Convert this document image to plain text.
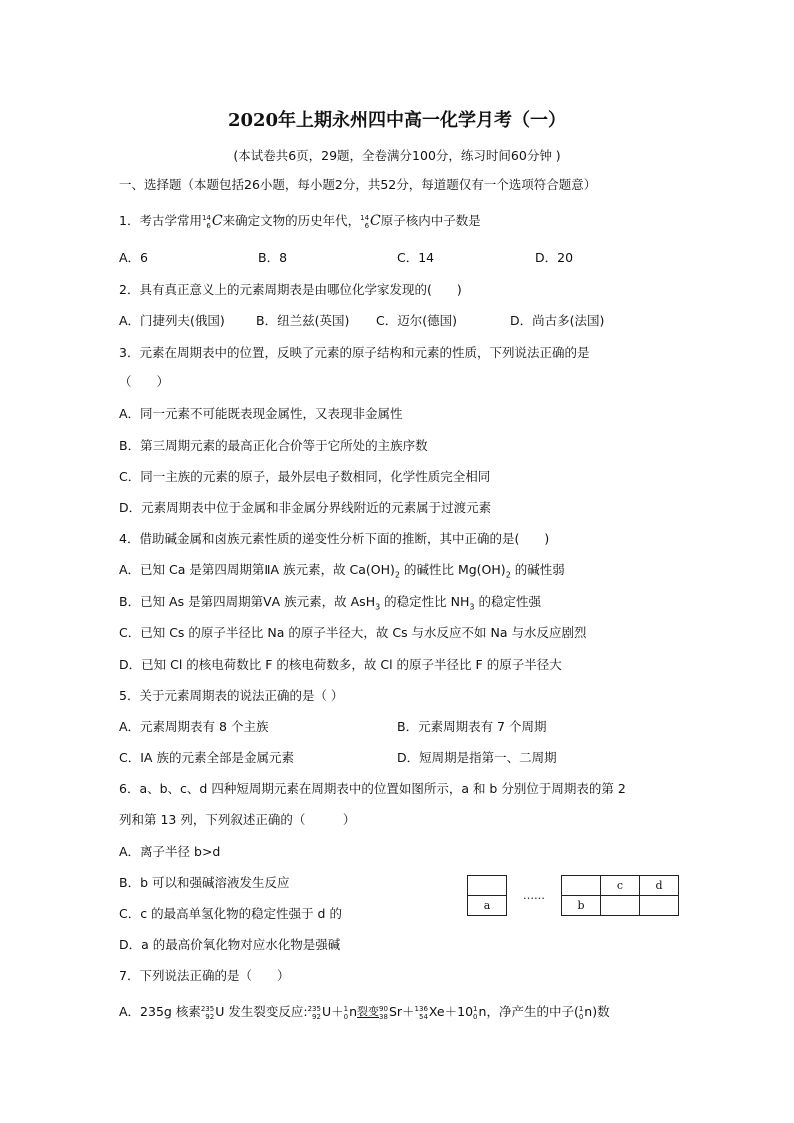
2020年上期永州四中高一化学月考（一）
(本试卷共6页，29题，全卷满分100分，练习时间60分钟 )
一、选择题（本题包括26小题，每小题2分，共52分，每道题仅有一个选项符合题意）
1．考古学常用 14
6 C来确定文物的历史年代， 14
6 C原子核内中子数是
A．6	B．8	C．14	D．20
2．具有真正意义上的元素周期表是由哪位化学家发现的(　　)
A．门捷列夫(俄国) B．纽兰兹(英国) C．迈尔(德国)	D．尚古多(法国)
3．元素在周期表中的位置，反映了元素的原子结构和元素的性质，下列说法正确的是
（　　）
A．同一元素不可能既表现金属性，又表现非金属性
B．第三周期元素的最高正化合价等于它所处的主族序数
C．同一主族的元素的原子，最外层电子数相同，化学性质完全相同
D．元素周期表中位于金属和非金属分界线附近的元素属于过渡元素
4．借助碱金属和卤族元素性质的递变性分析下面的推断，其中正确的是(　　)
A．已知 Ca 是第四周期第ⅡA 族元素，故 $Ca(OH)_2$ 的碱性比 $Mg(OH)_2$ 的碱性弱
B．已知 As 是第四周期第ⅤA 族元素，故 AsH$_3$ 的稳定性比 $NH_3$ 的稳定性强
C．已知 Cs 的原子半径比 Na 的原子半径大，故 Cs 与水反应不如 Na 与水反应剧烈
D．已知 Cl 的核电荷数比 F 的核电荷数多，故 Cl 的原子半径比 F 的原子半径大
5．关于元素周期表的说法正确的是（ ）
A．元素周期表有 8 个主族	B．元素周期表有 7 个周期
C．ⅠA 族的元素全部是金属元素	D．短周期是指第一、二周期
6．a、b、c、d 四种短周期元素在周期表中的位置如图所示，a 和 b 分别位于周期表的第 2
列和第 13 列，下列叙述正确的（　　　）
A．离子半径 b>d
B．b 可以和强碱溶液发生反应
C．c 的最高单氢化物的稳定性强于 d 的
D．a 的最高价氧化物对应水化物是强碱
	……		c	d
a		b		
7．下列说法正确的是（　　）
A．235g 核素 235
92 U 发生裂变反应: 235
92 U＋ 1
0 n 裂变 90
38 Sr＋ 136
54 Xe＋10 1
0 n，净产生的中子( 1
0 n)数
